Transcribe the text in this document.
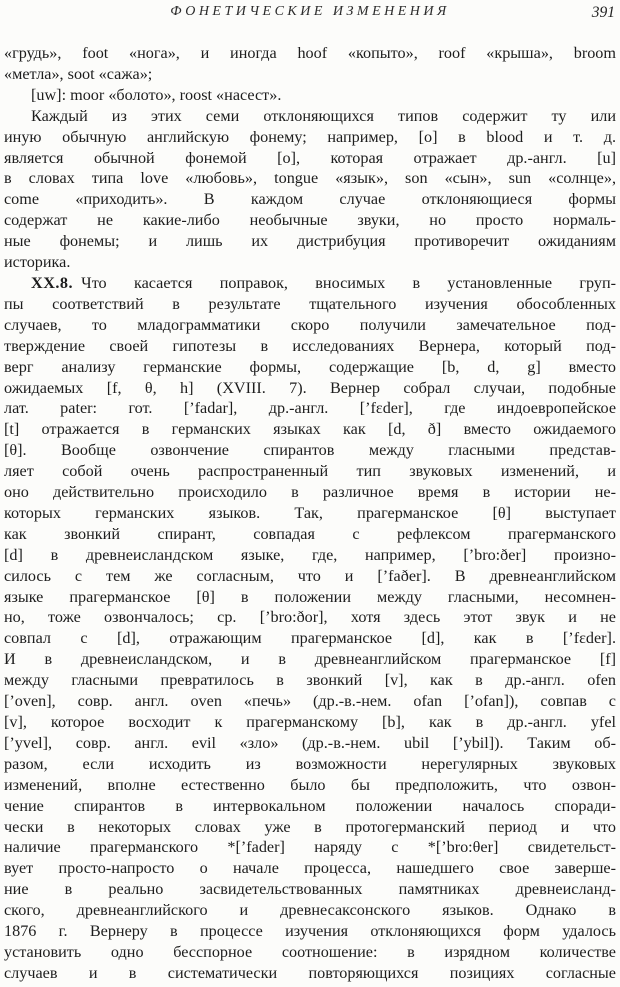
ФОНЕТИЧЕСКИЕ ИЗМЕНЕНИЯ	391
«грудь», foot «нога», и иногда hoof «копыто», roof «крыша», broom
«метла», soot «сажа»;
[uw]: moor «болото», roost «насест».
Каждый из этих семи отклоняющихся типов содержит ту или
иную обычную английскую фонему; например, [o] в blood и т. д.
является обычной фонемой [o], которая отражает др.-англ. [u]
в словах типа love «любовь», tongue «язык», son «сын», sun «солнце»,
come «приходить». В каждом случае отклоняющиеся формы
содержат не какие-либо необычные звуки, но просто нормаль-
ные фонемы; и лишь их дистрибуция противоречит ожиданиям
историка.
XX.8. Что касается поправок, вносимых в установленные груп-
пы соответствий в результате тщательного изучения обособленных
случаев, то младограмматики скоро получили замечательное под-
тверждение своей гипотезы в исследованиях Вернера, который под-
верг анализу германские формы, содержащие [b, d, g] вместо
ожидаемых [f, θ, h] (XVIII. 7). Вернер собрал случаи, подобные
лат. pater: гот. [’fadar], др.-англ. [’fɛder], где индоевропейское
[t] отражается в германских языках как [d, ð] вместо ожидаемого
[θ]. Вообще озвончение спирантов между гласными представ-
ляет собой очень распространенный тип звуковых изменений, и
оно действительно происходило в различное время в истории не-
которых германских языков. Так, прагерманское [θ] выступает
как звонкий спирант, совпадая с рефлексом прагерманского
[d] в древнеисландском языке, где, например, [’bro:ðer] произно-
силось с тем же согласным, что и [’faðer]. В древнеанглийском
языке прагерманское [θ] в положении между гласными, несомнен-
но, тоже озвончалось; ср. [’bro:ðor], хотя здесь этот звук и не
совпал с [d], отражающим прагерманское [d], как в [’fɛder].
И в древнеисландском, и в древнеанглийском прагерманское [f]
между гласными превратилось в звонкий [v], как в др.-англ. ofen
[’oven], совр. англ. oven «печь» (др.-в.-нем. ofan [’ofan]), совпав с
[v], которое восходит к прагерманскому [b], как в др.-англ. yfel
[’yvel], совр. англ. evil «зло» (др.-в.-нем. ubil [’ybil]). Таким об-
разом, если исходить из возможности нерегулярных звуковых
изменений, вполне естественно было бы предположить, что озвон-
чение спирантов в интервокальном положении началось споради-
чески в некоторых словах уже в протогерманский период и что
наличие прагерманского *[’fader] наряду с *[’bro:θer] свидетельст-
вует просто-напросто о начале процесса, нашедшего свое заверше-
ние в реально засвидетельствованных памятниках древнеисланд-
ского, древнеанглийского и древнесаксонского языков. Однако в
1876 г. Вернеру в процессе изучения отклоняющихся форм удалось
установить одно бесспорное соотношение: в изрядном количестве
случаев и в систематически повторяющихся позициях согласные
